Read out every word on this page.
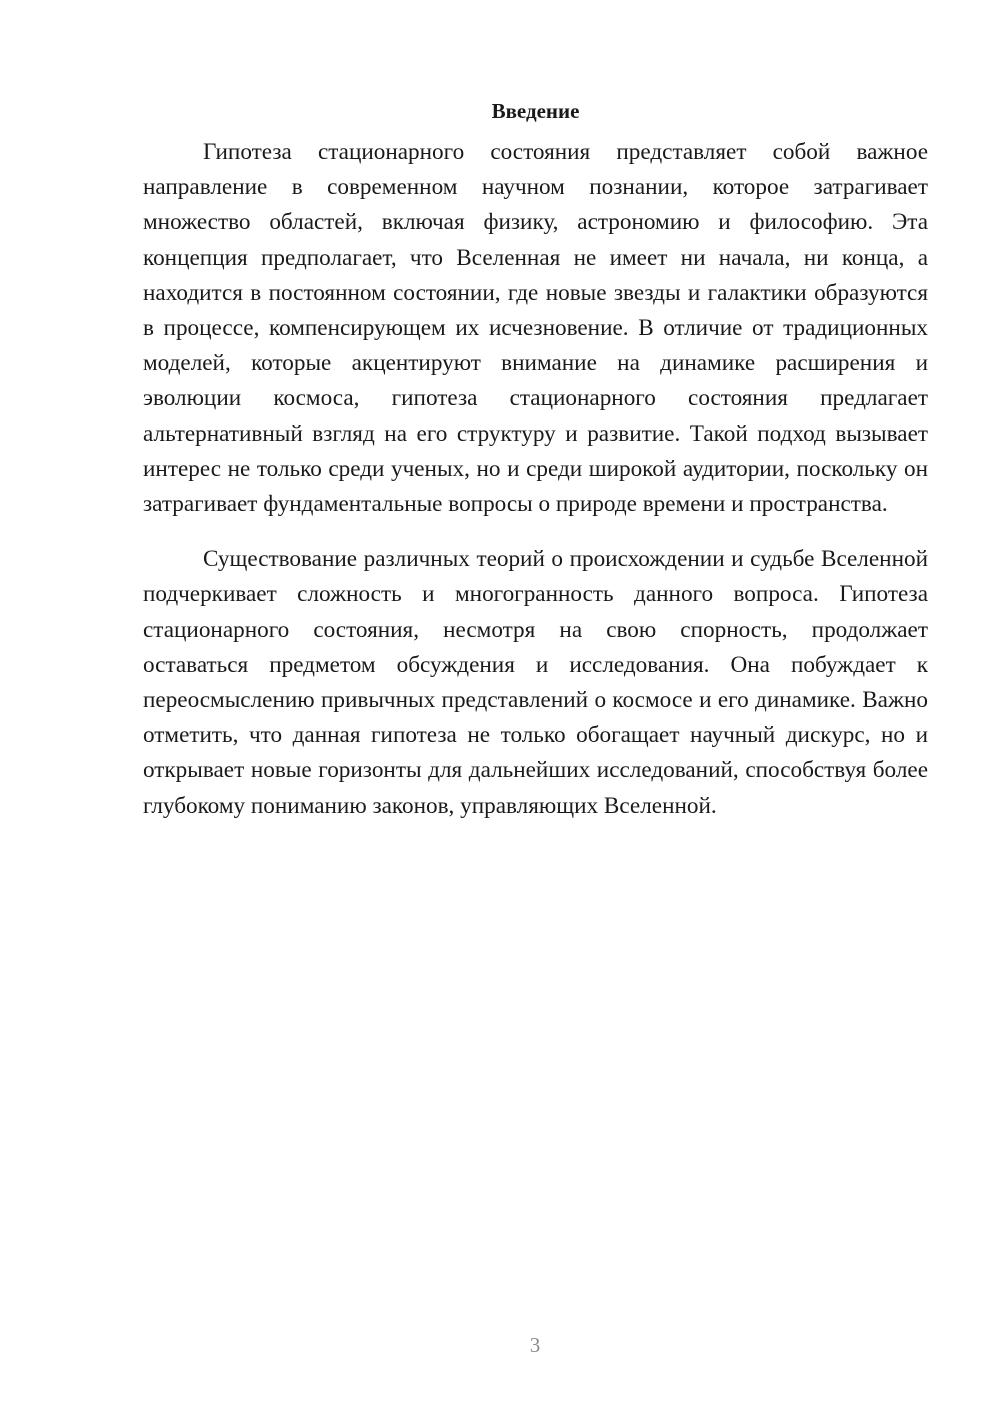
Введение

Гипотеза стационарного состояния представляет собой важное направление в современном научном познании, которое затрагивает множество областей, включая физику, астрономию и философию. Эта концепция предполагает, что Вселенная не имеет ни начала, ни конца, а находится в постоянном состоянии, где новые звезды и галактики образуются в процессе, компенсирующем их исчезновение. В отличие от традиционных моделей, которые акцентируют внимание на динамике расширения и эволюции космоса, гипотеза стационарного состояния предлагает альтернативный взгляд на его структуру и развитие. Такой подход вызывает интерес не только среди ученых, но и среди широкой аудитории, поскольку он затрагивает фундаментальные вопросы о природе времени и пространства.

Существование различных теорий о происхождении и судьбе Вселенной подчеркивает сложность и многогранность данного вопроса. Гипотеза стационарного состояния, несмотря на свою спорность, продолжает оставаться предметом обсуждения и исследования. Она побуждает к переосмыслению привычных представлений о космосе и его динамике. Важно отметить, что данная гипотеза не только обогащает научный дискурс, но и открывает новые горизонты для дальнейших исследований, способствуя более глубокому пониманию законов, управляющих Вселенной.

3
